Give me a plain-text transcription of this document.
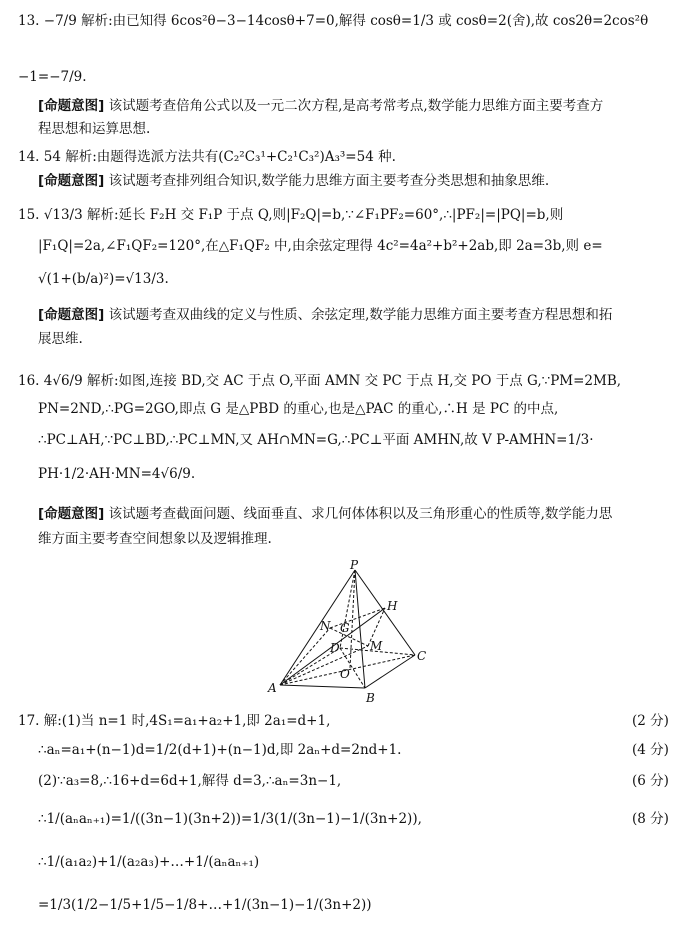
13. −7/9 解析:由已知得 6cos²θ−3−14cosθ+7=0,解得 cosθ=1/3 或 cosθ=2(舍),故 cos2θ=2cos²θ
−1=−7/9.
[命题意图] 该试题考查倍角公式以及一元二次方程,是高考常考点,数学能力思维方面主要考查方
程思想和运算思想.
14. 54 解析:由题得选派方法共有(C₂²C₃¹+C₂¹C₃²)A₃³=54 种.
[命题意图] 该试题考查排列组合知识,数学能力思维方面主要考查分类思想和抽象思维.
15. √13/3 解析:延长 F₂H 交 F₁P 于点 Q,则|F₂Q|=b,∵∠F₁PF₂=60°,∴|PF₂|=|PQ|=b,则
|F₁Q|=2a,∠F₁QF₂=120°,在△F₁QF₂ 中,由余弦定理得 4c²=4a²+b²+2ab,即 2a=3b,则 e=
√(1+(b/a)²)=√13/3.
[命题意图] 该试题考查双曲线的定义与性质、余弦定理,数学能力思维方面主要考查方程思想和拓
展思维.
16. 4√6/9 解析:如图,连接 BD,交 AC 于点 O,平面 AMN 交 PC 于点 H,交 PO 于点 G,∵PM=2MB,
PN=2ND,∴PG=2GO,即点 G 是△PBD 的重心,也是△PAC 的重心,∴H 是 PC 的中点,
∴PC⊥AH,∵PC⊥BD,∴PC⊥MN,又 AH∩MN=G,∴PC⊥平面 AMHN,故 V P-AMHN=1/3·
PH·1/2·AH·MN=4√6/9.
[命题意图] 该试题考查截面问题、线面垂直、求几何体体积以及三角形重心的性质等,数学能力思
维方面主要考查空间想象以及逻辑推理.
P
H
N G
D	M
C
A
O
B
17. 解:(1)当 n=1 时,4S₁=a₁+a₂+1,即 2a₁=d+1,	(2 分)
∴aₙ=a₁+(n−1)d=1/2(d+1)+(n−1)d,即 2aₙ+d=2nd+1.	(4 分)
(2)∵a₃=8,∴16+d=6d+1,解得 d=3,∴aₙ=3n−1,	(6 分)
∴1/(aₙaₙ₊₁)=1/((3n−1)(3n+2))=1/3(1/(3n−1)−1/(3n+2)),	(8 分)
∴1/(a₁a₂)+1/(a₂a₃)+…+1/(aₙaₙ₊₁)
=1/3(1/2−1/5+1/5−1/8+…+1/(3n−1)−1/(3n+2))
